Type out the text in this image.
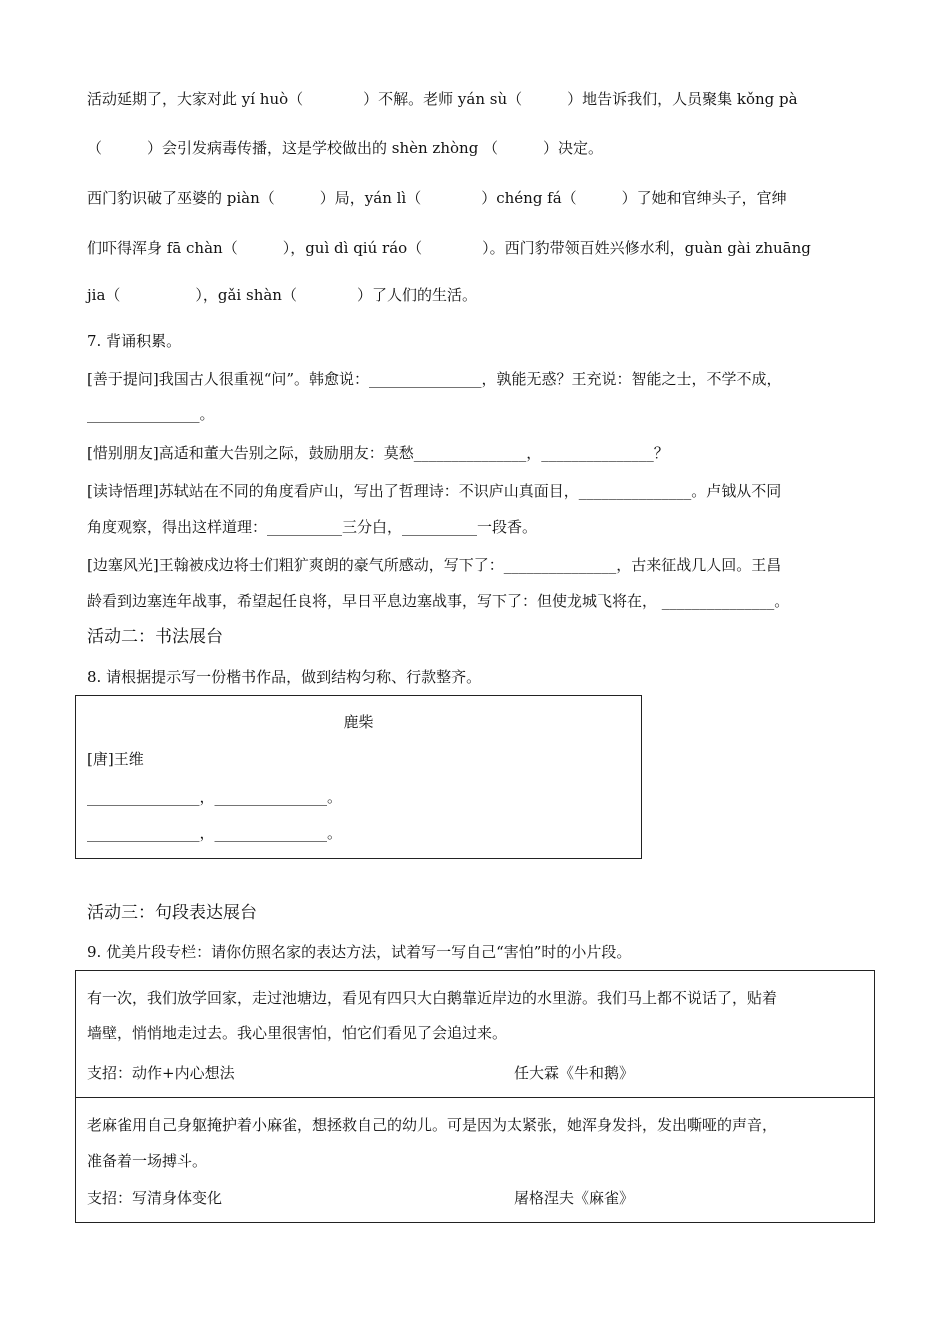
活动延期了，大家对此 yí huò（　　　　）不解。老师 yán sù（　　　）地告诉我们，人员聚集 kǒng pà
（　　　）会引发病毒传播，这是学校做出的 shèn zhòng （　　　）决定。
西门豹识破了巫婆的 piàn（　　　）局，yán lì（　　　　）chéng fá（　　　）了她和官绅头子，官绅
们吓得浑身 fā chàn（　　　），guì dì qiú ráo（　　　　）。西门豹带领百姓兴修水利，guàn gài zhuāng
jia（　　　　　），gǎi shàn（　　　　）了人们的生活。
7. 背诵积累。
[善于提问]我国古人很重视“问”。韩愈说：_______________，孰能无惑？王充说：智能之士，不学不成，
_______________。
[惜别朋友]高适和董大告别之际，鼓励朋友：莫愁_______________，_______________？
[读诗悟理]苏轼站在不同的角度看庐山，写出了哲理诗：不识庐山真面目，_______________。卢钺从不同
角度观察，得出这样道理：__________三分白，__________一段香。
[边塞风光]王翰被戍边将士们粗犷爽朗的豪气所感动，写下了：_______________，古来征战几人回。王昌
龄看到边塞连年战事，希望起任良将，早日平息边塞战事，写下了：但使龙城飞将在， _______________。
活动二：书法展台
8. 请根据提示写一份楷书作品，做到结构匀称、行款整齐。
鹿柴
[唐]王维
_______________，_______________。
_______________，_______________。
活动三：句段表达展台
9. 优美片段专栏：请你仿照名家的表达方法，试着写一写自己“害怕”时的小片段。
有一次，我们放学回家，走过池塘边，看见有四只大白鹅靠近岸边的水里游。我们马上都不说话了，贴着
墙壁，悄悄地走过去。我心里很害怕，怕它们看见了会追过来。
支招：动作+内心想法	任大霖《牛和鹅》
老麻雀用自己身躯掩护着小麻雀，想拯救自己的幼儿。可是因为太紧张，她浑身发抖，发出嘶哑的声音，
准备着一场搏斗。
支招：写清身体变化	屠格涅夫《麻雀》
